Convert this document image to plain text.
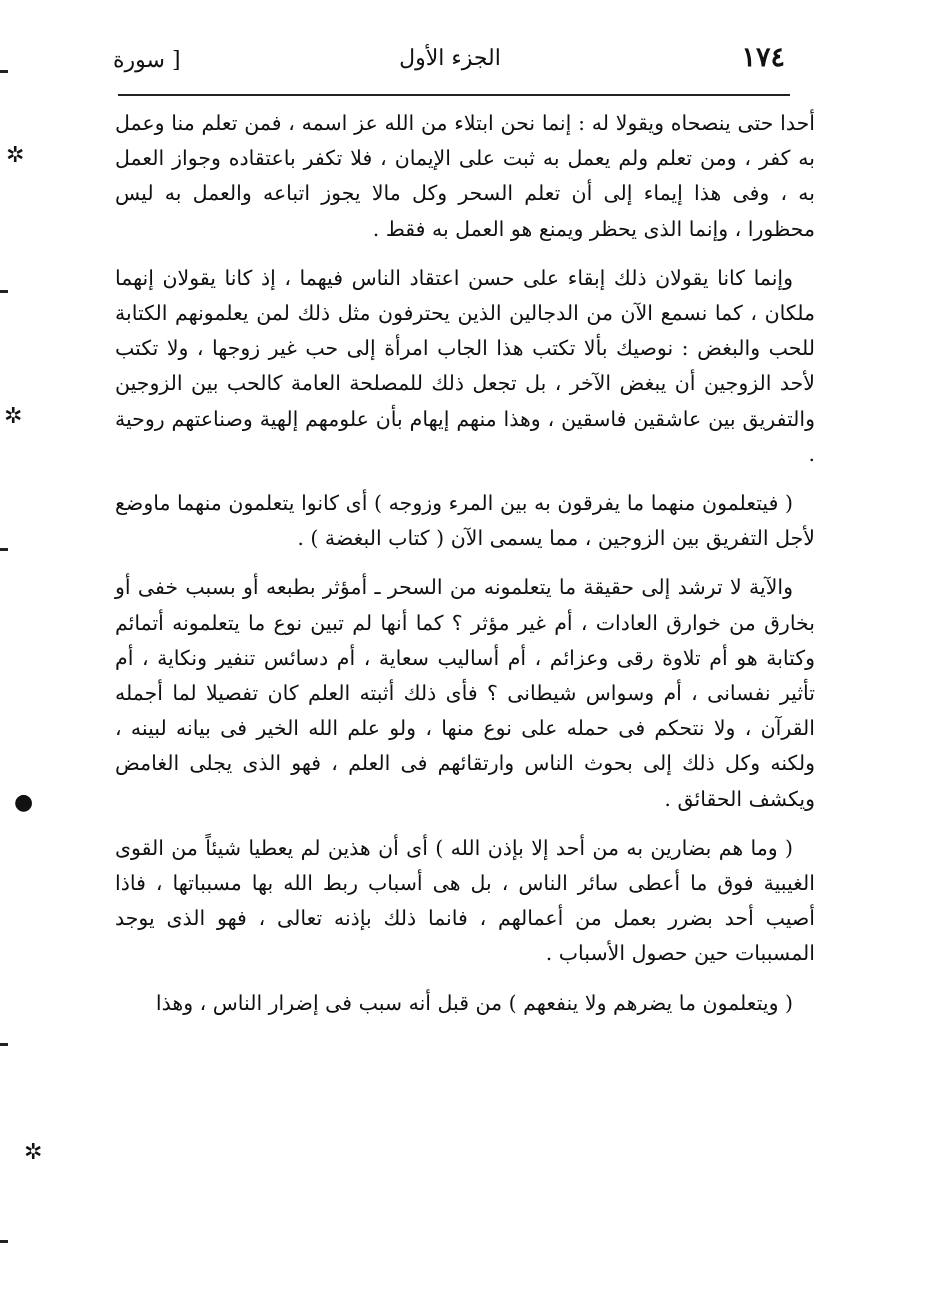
١٧٤
الجزء الأول
[ سورة

أحدا حتى ينصحاه ويقولا له : إنما نحن ابتلاء من الله عز اسمه ، فمن تعلم منا وعمل به كفر ، ومن تعلم ولم يعمل به ثبت على الإيمان ، فلا تكفر باعتقاده وجواز العمل به ، وفى هذا إيماء إلى أن تعلم السحر وكل مالا يجوز اتباعه والعمل به ليس محظورا ، وإنما الذى يحظر ويمنع هو العمل به فقط .

وإنما كانا يقولان ذلك إبقاء على حسن اعتقاد الناس فيهما ، إذ كانا يقولان إنهما ملكان ، كما نسمع الآن من الدجالين الذين يحترفون مثل ذلك لمن يعلمونهم الكتابة للحب والبغض : نوصيك بألا تكتب هذا الجاب امرأة إلى حب غير زوجها ، ولا تكتب لأحد الزوجين أن يبغض الآخر ، بل تجعل ذلك للمصلحة العامة كالحب بين الزوجين والتفريق بين عاشقين فاسقين ، وهذا منهم إيهام بأن علومهم إلهية وصناعتهم روحية .

( فيتعلمون منهما ما يفرقون به بين المرء وزوجه ) أى كانوا يتعلمون منهما ماوضع لأجل التفريق بين الزوجين ، مما يسمى الآن ( كتاب البغضة ) .

والآية لا ترشد إلى حقيقة ما يتعلمونه من السحر ـ أمؤثر بطبعه أو بسبب خفى أو بخارق من خوارق العادات ، أم غير مؤثر ؟ كما أنها لم تبين نوع ما يتعلمونه أتمائم وكتابة هو أم تلاوة رقى وعزائم ، أم أساليب سعاية ، أم دسائس تنفير ونكاية ، أم تأثير نفسانى ، أم وسواس شيطانى ؟ فأى ذلك أثبته العلم كان تفصيلا لما أجمله القرآن ، ولا نتحكم فى حمله على نوع منها ، ولو علم الله الخير فى بيانه لبينه ، ولكنه وكل ذلك إلى بحوث الناس وارتقائهم فى العلم ، فهو الذى يجلى الغامض ويكشف الحقائق .

( وما هم بضارين به من أحد إلا بإذن الله ) أى أن هذين لم يعطيا شيئاً من القوى الغيبية فوق ما أعطى سائر الناس ، بل هى أسباب ربط الله بها مسبباتها ، فاذا أصيب أحد بضرر بعمل من أعمالهم ، فانما ذلك بإذنه تعالى ، فهو الذى يوجد المسببات حين حصول الأسباب .

( ويتعلمون ما يضرهم ولا ينفعهم ) من قبل أنه سبب فى إضرار الناس ، وهذا

✲
✲
●
✲
